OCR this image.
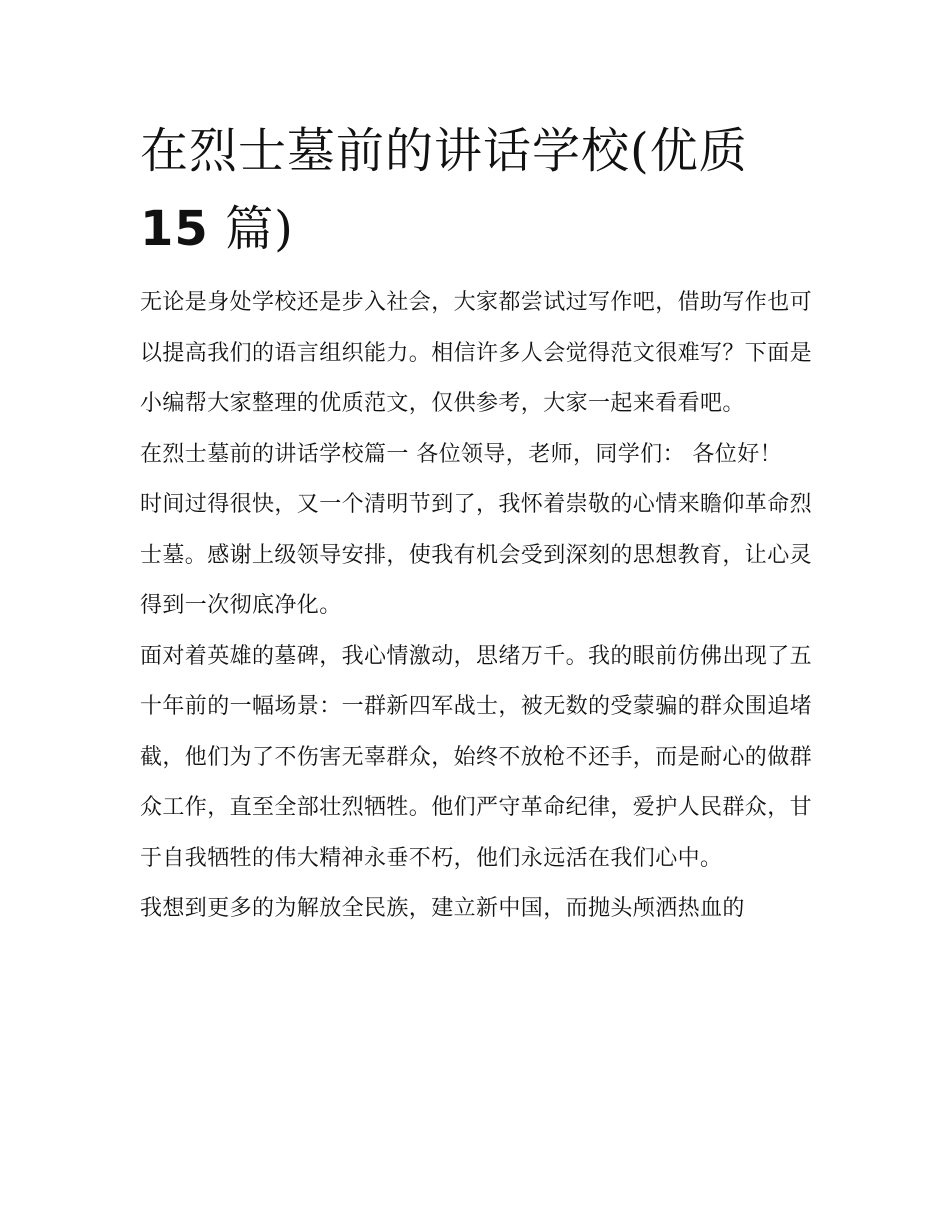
在烈士墓前的讲话学校(优质
15 篇)

无论是身处学校还是步入社会，大家都尝试过写作吧，借助写作也可以提高我们的语言组织能力。相信许多人会觉得范文很难写？下面是小编帮大家整理的优质范文，仅供参考，大家一起来看看吧。

在烈士墓前的讲话学校篇一 各位领导，老师，同学们： 各位好！

时间过得很快，又一个清明节到了，我怀着崇敬的心情来瞻仰革命烈士墓。感谢上级领导安排，使我有机会受到深刻的思想教育，让心灵得到一次彻底净化。

面对着英雄的墓碑，我心情激动，思绪万千。我的眼前仿佛出现了五十年前的一幅场景：一群新四军战士，被无数的受蒙骗的群众围追堵截，他们为了不伤害无辜群众，始终不放枪不还手，而是耐心的做群众工作，直至全部壮烈牺牲。他们严守革命纪律，爱护人民群众，甘于自我牺牲的伟大精神永垂不朽，他们永远活在我们心中。

我想到更多的为解放全民族，建立新中国，而抛头颅洒热血的
